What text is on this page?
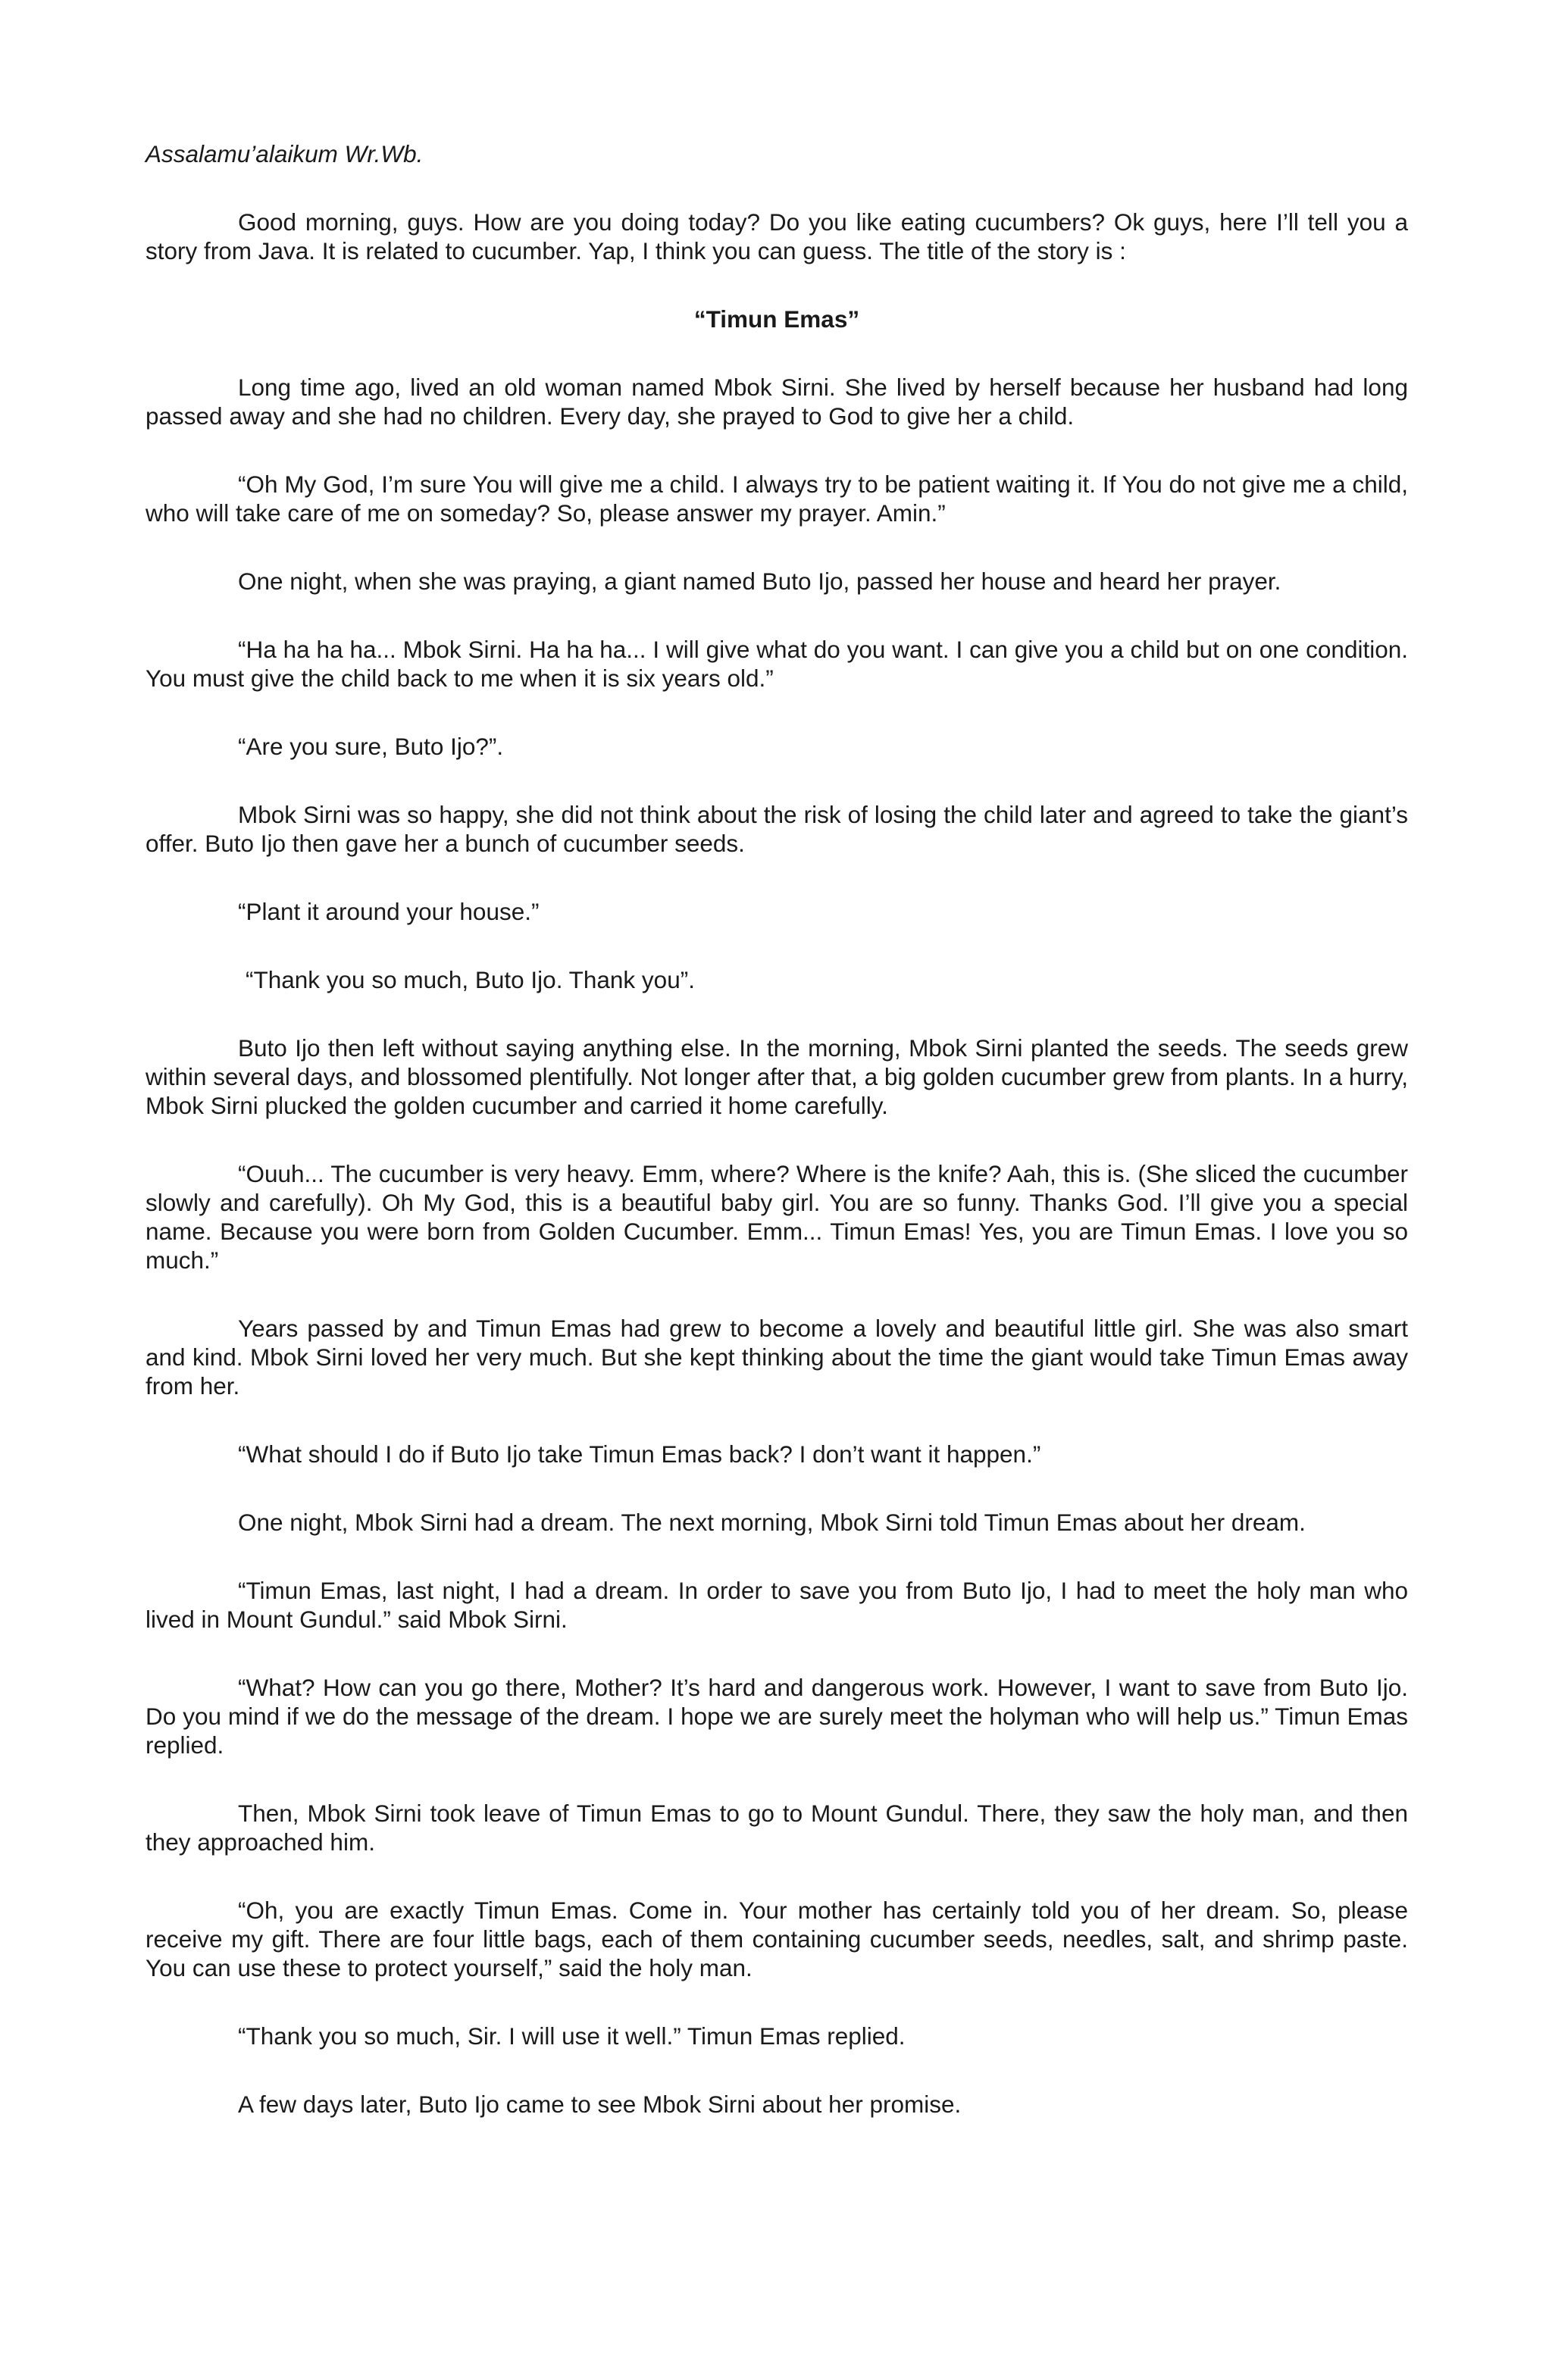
Assalamu’alaikum Wr.Wb.

Good morning, guys. How are you doing today? Do you like eating cucumbers? Ok guys, here I’ll tell you a story from Java. It is related to cucumber. Yap, I think you can guess. The title of the story is :

“Timun Emas”

Long time ago, lived an old woman named Mbok Sirni. She lived by herself because her husband had long passed away and she had no children. Every day, she prayed to God to give her a child.

“Oh My God, I’m sure You will give me a child. I always try to be patient waiting it. If You do not give me a child, who will take care of me on someday? So, please answer my prayer. Amin.”

One night, when she was praying, a giant named Buto Ijo, passed her house and heard her prayer.

“Ha ha ha ha... Mbok Sirni. Ha ha ha... I will give what do you want. I can give you a child but on one condition. You must give the child back to me when it is six years old.”

“Are you sure, Buto Ijo?”.

Mbok Sirni was so happy, she did not think about the risk of losing the child later and agreed to take the giant’s offer. Buto Ijo then gave her a bunch of cucumber seeds.

“Plant it around your house.”

“Thank you so much, Buto Ijo. Thank you”.

Buto Ijo then left without saying anything else. In the morning, Mbok Sirni planted the seeds. The seeds grew within several days, and blossomed plentifully. Not longer after that, a big golden cucumber grew from plants. In a hurry, Mbok Sirni plucked the golden cucumber and carried it home carefully.

“Ouuh... The cucumber is very heavy. Emm, where? Where is the knife? Aah, this is. (She sliced the cucumber slowly and carefully). Oh My God, this is a beautiful baby girl. You are so funny. Thanks God. I’ll give you a special name. Because you were born from Golden Cucumber. Emm... Timun Emas! Yes, you are Timun Emas. I love you so much.”

Years passed by and Timun Emas had grew to become a lovely and beautiful little girl. She was also smart and kind. Mbok Sirni loved her very much. But she kept thinking about the time the giant would take Timun Emas away from her.

“What should I do if Buto Ijo take Timun Emas back? I don’t want it happen.”

One night, Mbok Sirni had a dream. The next morning, Mbok Sirni told Timun Emas about her dream.

“Timun Emas, last night, I had a dream. In order to save you from Buto Ijo, I had to meet the holy man who lived in Mount Gundul.” said Mbok Sirni.

“What? How can you go there, Mother? It’s hard and dangerous work. However, I want to save from Buto Ijo. Do you mind if we do the message of the dream. I hope we are surely meet the holyman who will help us.” Timun Emas replied.

Then, Mbok Sirni took leave of Timun Emas to go to Mount Gundul. There, they saw the holy man, and then they approached him.

“Oh, you are exactly Timun Emas. Come in. Your mother has certainly told you of her dream. So, please receive my gift. There are four little bags, each of them containing cucumber seeds, needles, salt, and shrimp paste. You can use these to protect yourself,” said the holy man.

“Thank you so much, Sir. I will use it well.” Timun Emas replied.

A few days later, Buto Ijo came to see Mbok Sirni about her promise.
